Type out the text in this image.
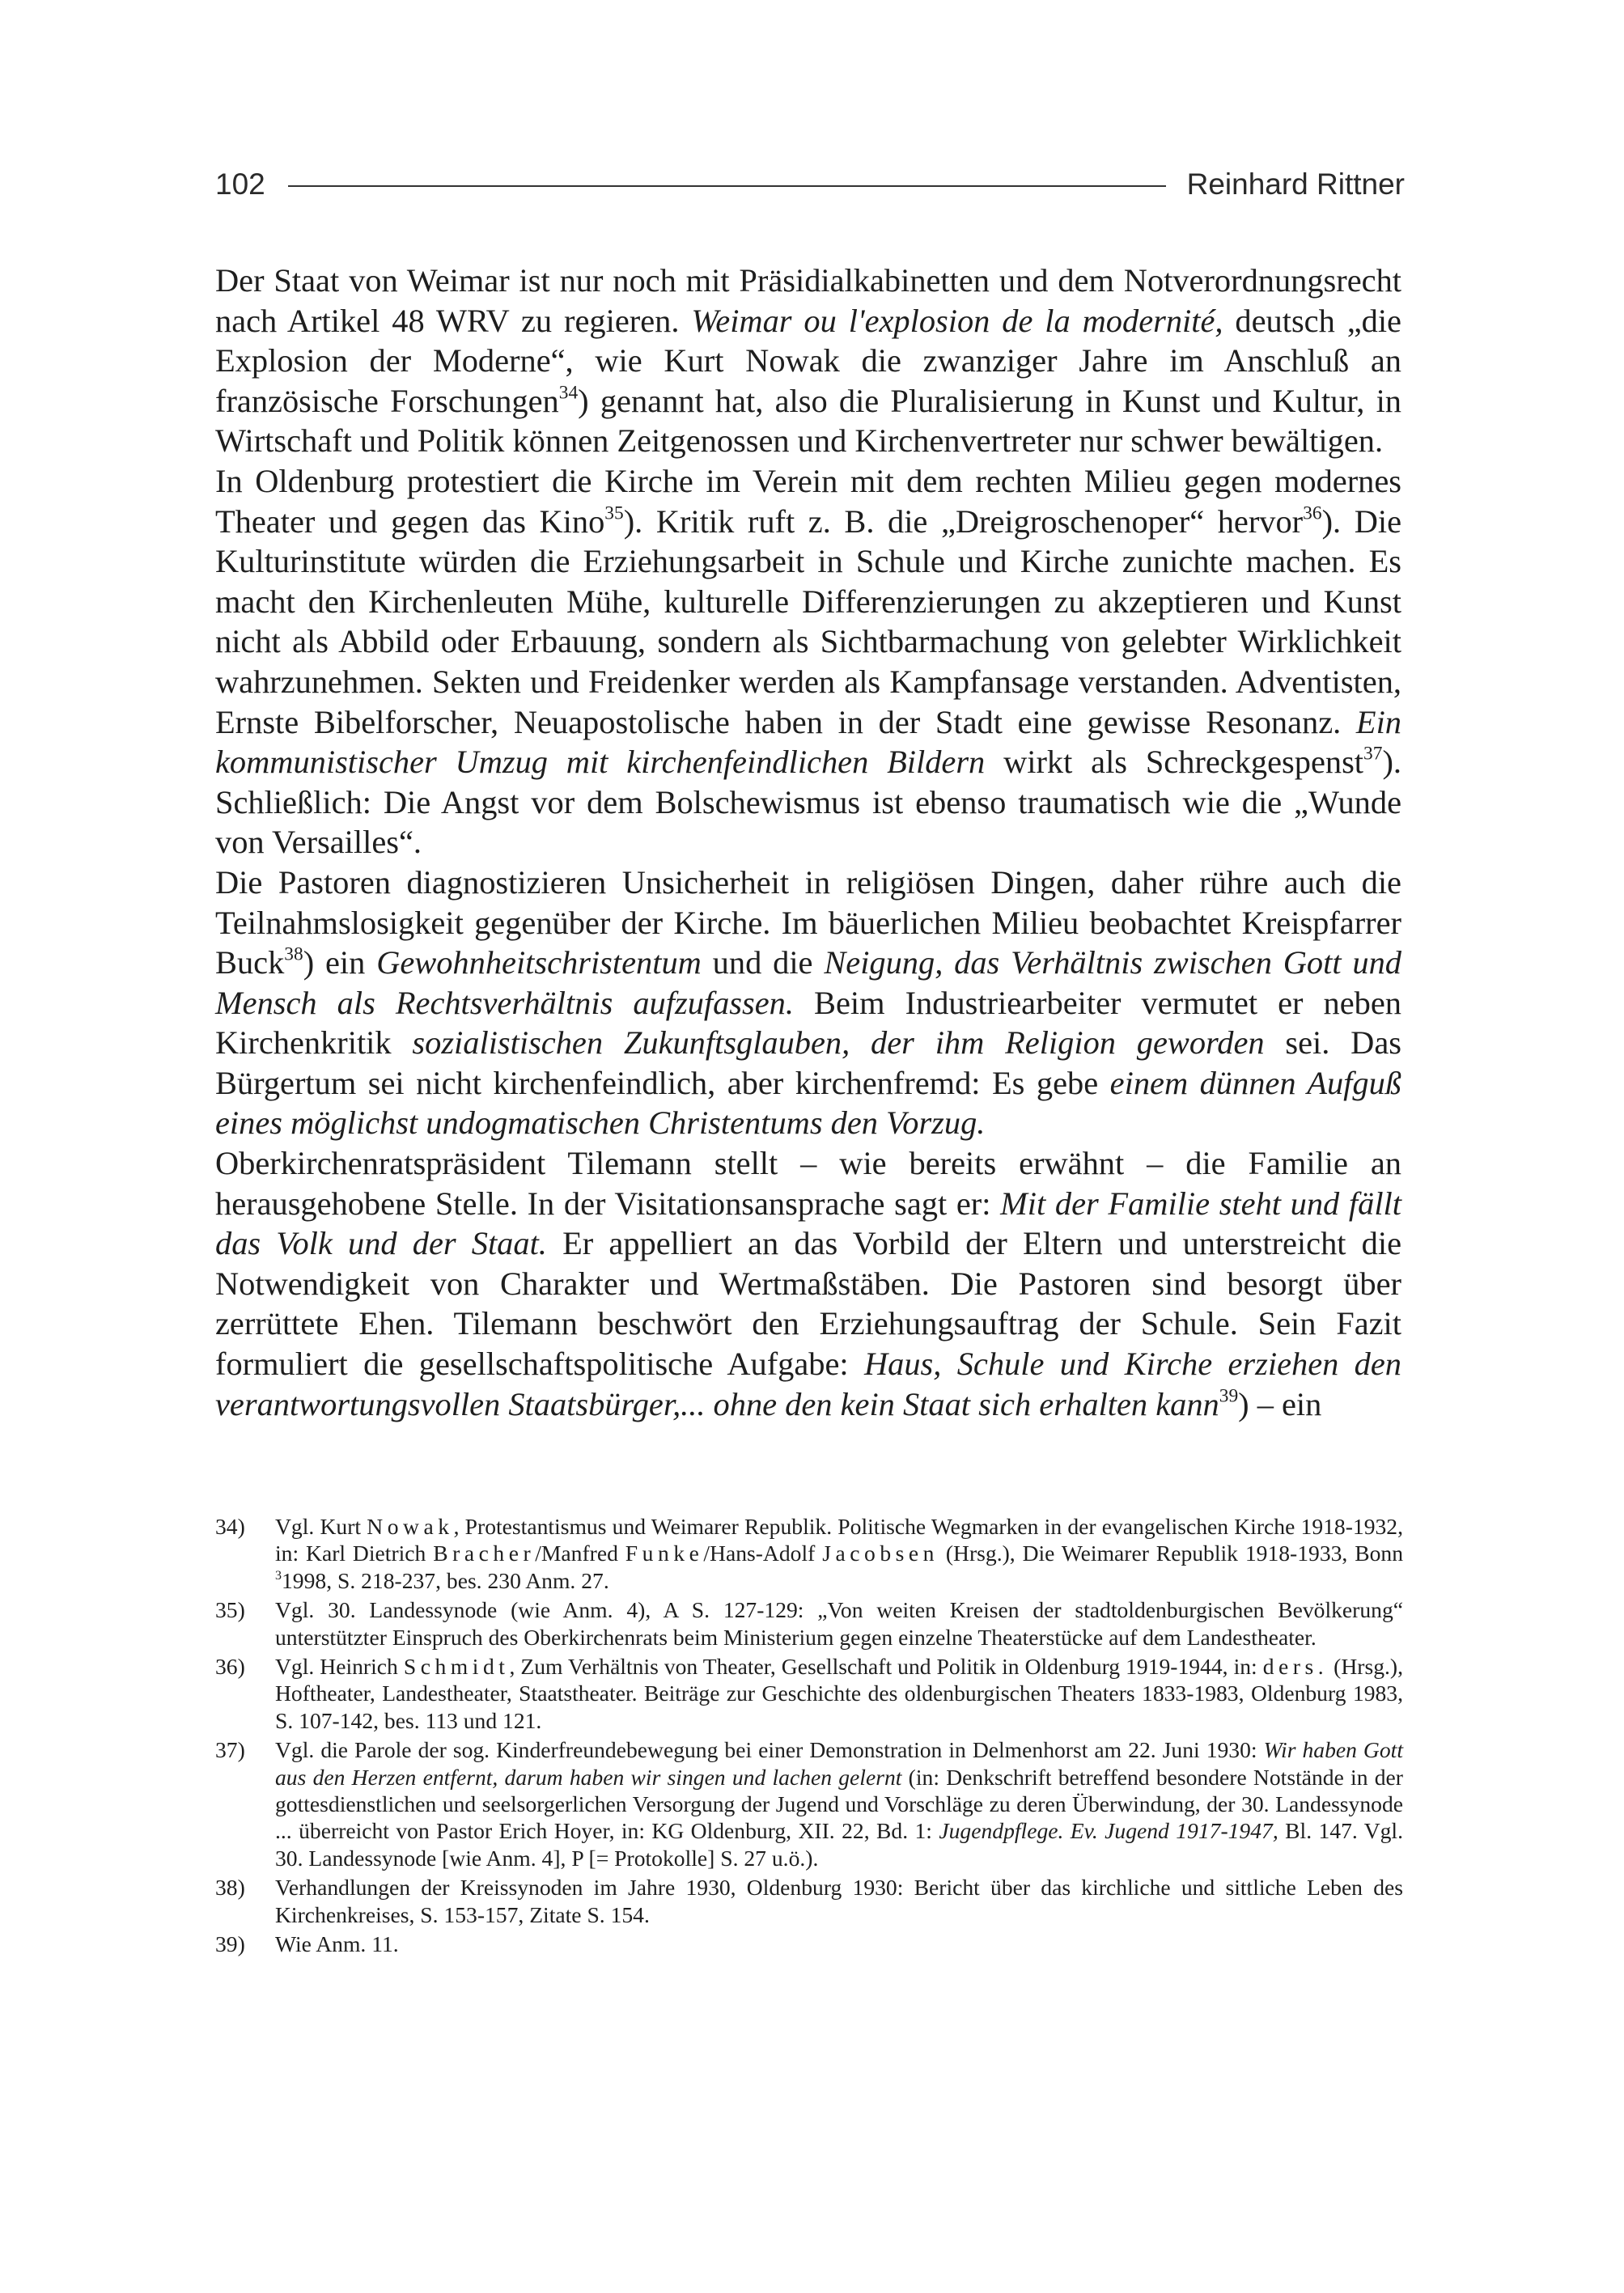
102	Reinhard Rittner

Der Staat von Weimar ist nur noch mit Präsidialkabinetten und dem Notverordnungsrecht nach Artikel 48 WRV zu regieren. Weimar ou l'explosion de la modernité, deutsch „die Explosion der Moderne“, wie Kurt Nowak die zwanziger Jahre im Anschluß an französische Forschungen$^{34}$) genannt hat, also die Pluralisierung in Kunst und Kultur, in Wirtschaft und Politik können Zeitgenossen und Kirchenvertreter nur schwer bewältigen.

In Oldenburg protestiert die Kirche im Verein mit dem rechten Milieu gegen modernes Theater und gegen das Kino$^{35}$). Kritik ruft z. B. die „Dreigroschenoper“ hervor$^{36}$). Die Kulturinstitute würden die Erziehungsarbeit in Schule und Kirche zunichte machen. Es macht den Kirchenleuten Mühe, kulturelle Differenzierungen zu akzeptieren und Kunst nicht als Abbild oder Erbauung, sondern als Sichtbarmachung von gelebter Wirklichkeit wahrzunehmen. Sekten und Freidenker werden als Kampfansage verstanden. Adventisten, Ernste Bibelforscher, Neuapostolische haben in der Stadt eine gewisse Resonanz. Ein kommunistischer Umzug mit kirchenfeindlichen Bildern wirkt als Schreckgespenst$^{37}$). Schließlich: Die Angst vor dem Bolschewismus ist ebenso traumatisch wie die „Wunde von Versailles“.

Die Pastoren diagnostizieren Unsicherheit in religiösen Dingen, daher rühre auch die Teilnahmslosigkeit gegenüber der Kirche. Im bäuerlichen Milieu beobachtet Kreispfarrer Buck$^{38}$) ein Gewohnheitschristentum und die Neigung, das Verhältnis zwischen Gott und Mensch als Rechtsverhältnis aufzufassen. Beim Industriearbeiter vermutet er neben Kirchenkritik sozialistischen Zukunftsglauben, der ihm Religion geworden sei. Das Bürgertum sei nicht kirchenfeindlich, aber kirchenfremd: Es gebe einem dünnen Aufguß eines möglichst undogmatischen Christentums den Vorzug.

Oberkirchenratspräsident Tilemann stellt – wie bereits erwähnt – die Familie an herausgehobene Stelle. In der Visitationsansprache sagt er: Mit der Familie steht und fällt das Volk und der Staat. Er appelliert an das Vorbild der Eltern und unterstreicht die Notwendigkeit von Charakter und Wertmaßstäben. Die Pastoren sind besorgt über zerrüttete Ehen. Tilemann beschwört den Erziehungsauftrag der Schule. Sein Fazit formuliert die gesellschaftspolitische Aufgabe: Haus, Schule und Kirche erziehen den verantwortungsvollen Staatsbürger,... ohne den kein Staat sich erhalten kann$^{39}$) – ein

34)	Vgl. Kurt Nowak, Protestantismus und Weimarer Republik. Politische Wegmarken in der evangelischen Kirche 1918-1932, in: Karl Dietrich Bracher/Manfred Funke/Hans-Adolf Jacobsen (Hrsg.), Die Weimarer Republik 1918-1933, Bonn $^3$1998, S. 218-237, bes. 230 Anm. 27.
35)	Vgl. 30. Landessynode (wie Anm. 4), A S. 127-129: „Von weiten Kreisen der stadtoldenburgischen Bevölkerung“ unterstützter Einspruch des Oberkirchenrats beim Ministerium gegen einzelne Theaterstücke auf dem Landestheater.
36)	Vgl. Heinrich Schmidt, Zum Verhältnis von Theater, Gesellschaft und Politik in Oldenburg 1919-1944, in: ders. (Hrsg.), Hoftheater, Landestheater, Staatstheater. Beiträge zur Geschichte des oldenburgischen Theaters 1833-1983, Oldenburg 1983, S. 107-142, bes. 113 und 121.
37)	Vgl. die Parole der sog. Kinderfreundebewegung bei einer Demonstration in Delmenhorst am 22. Juni 1930: Wir haben Gott aus den Herzen entfernt, darum haben wir singen und lachen gelernt (in: Denkschrift betreffend besondere Notstände in der gottesdienstlichen und seelsorgerlichen Versorgung der Jugend und Vorschläge zu deren Überwindung, der 30. Landessynode ... überreicht von Pastor Erich Hoyer, in: KG Oldenburg, XII. 22, Bd. 1: Jugendpflege. Ev. Jugend 1917-1947, Bl. 147. Vgl. 30. Landessynode [wie Anm. 4], P [= Protokolle] S. 27 u.ö.).
38)	Verhandlungen der Kreissynoden im Jahre 1930, Oldenburg 1930: Bericht über das kirchliche und sittliche Leben des Kirchenkreises, S. 153-157, Zitate S. 154.
39)	Wie Anm. 11.
